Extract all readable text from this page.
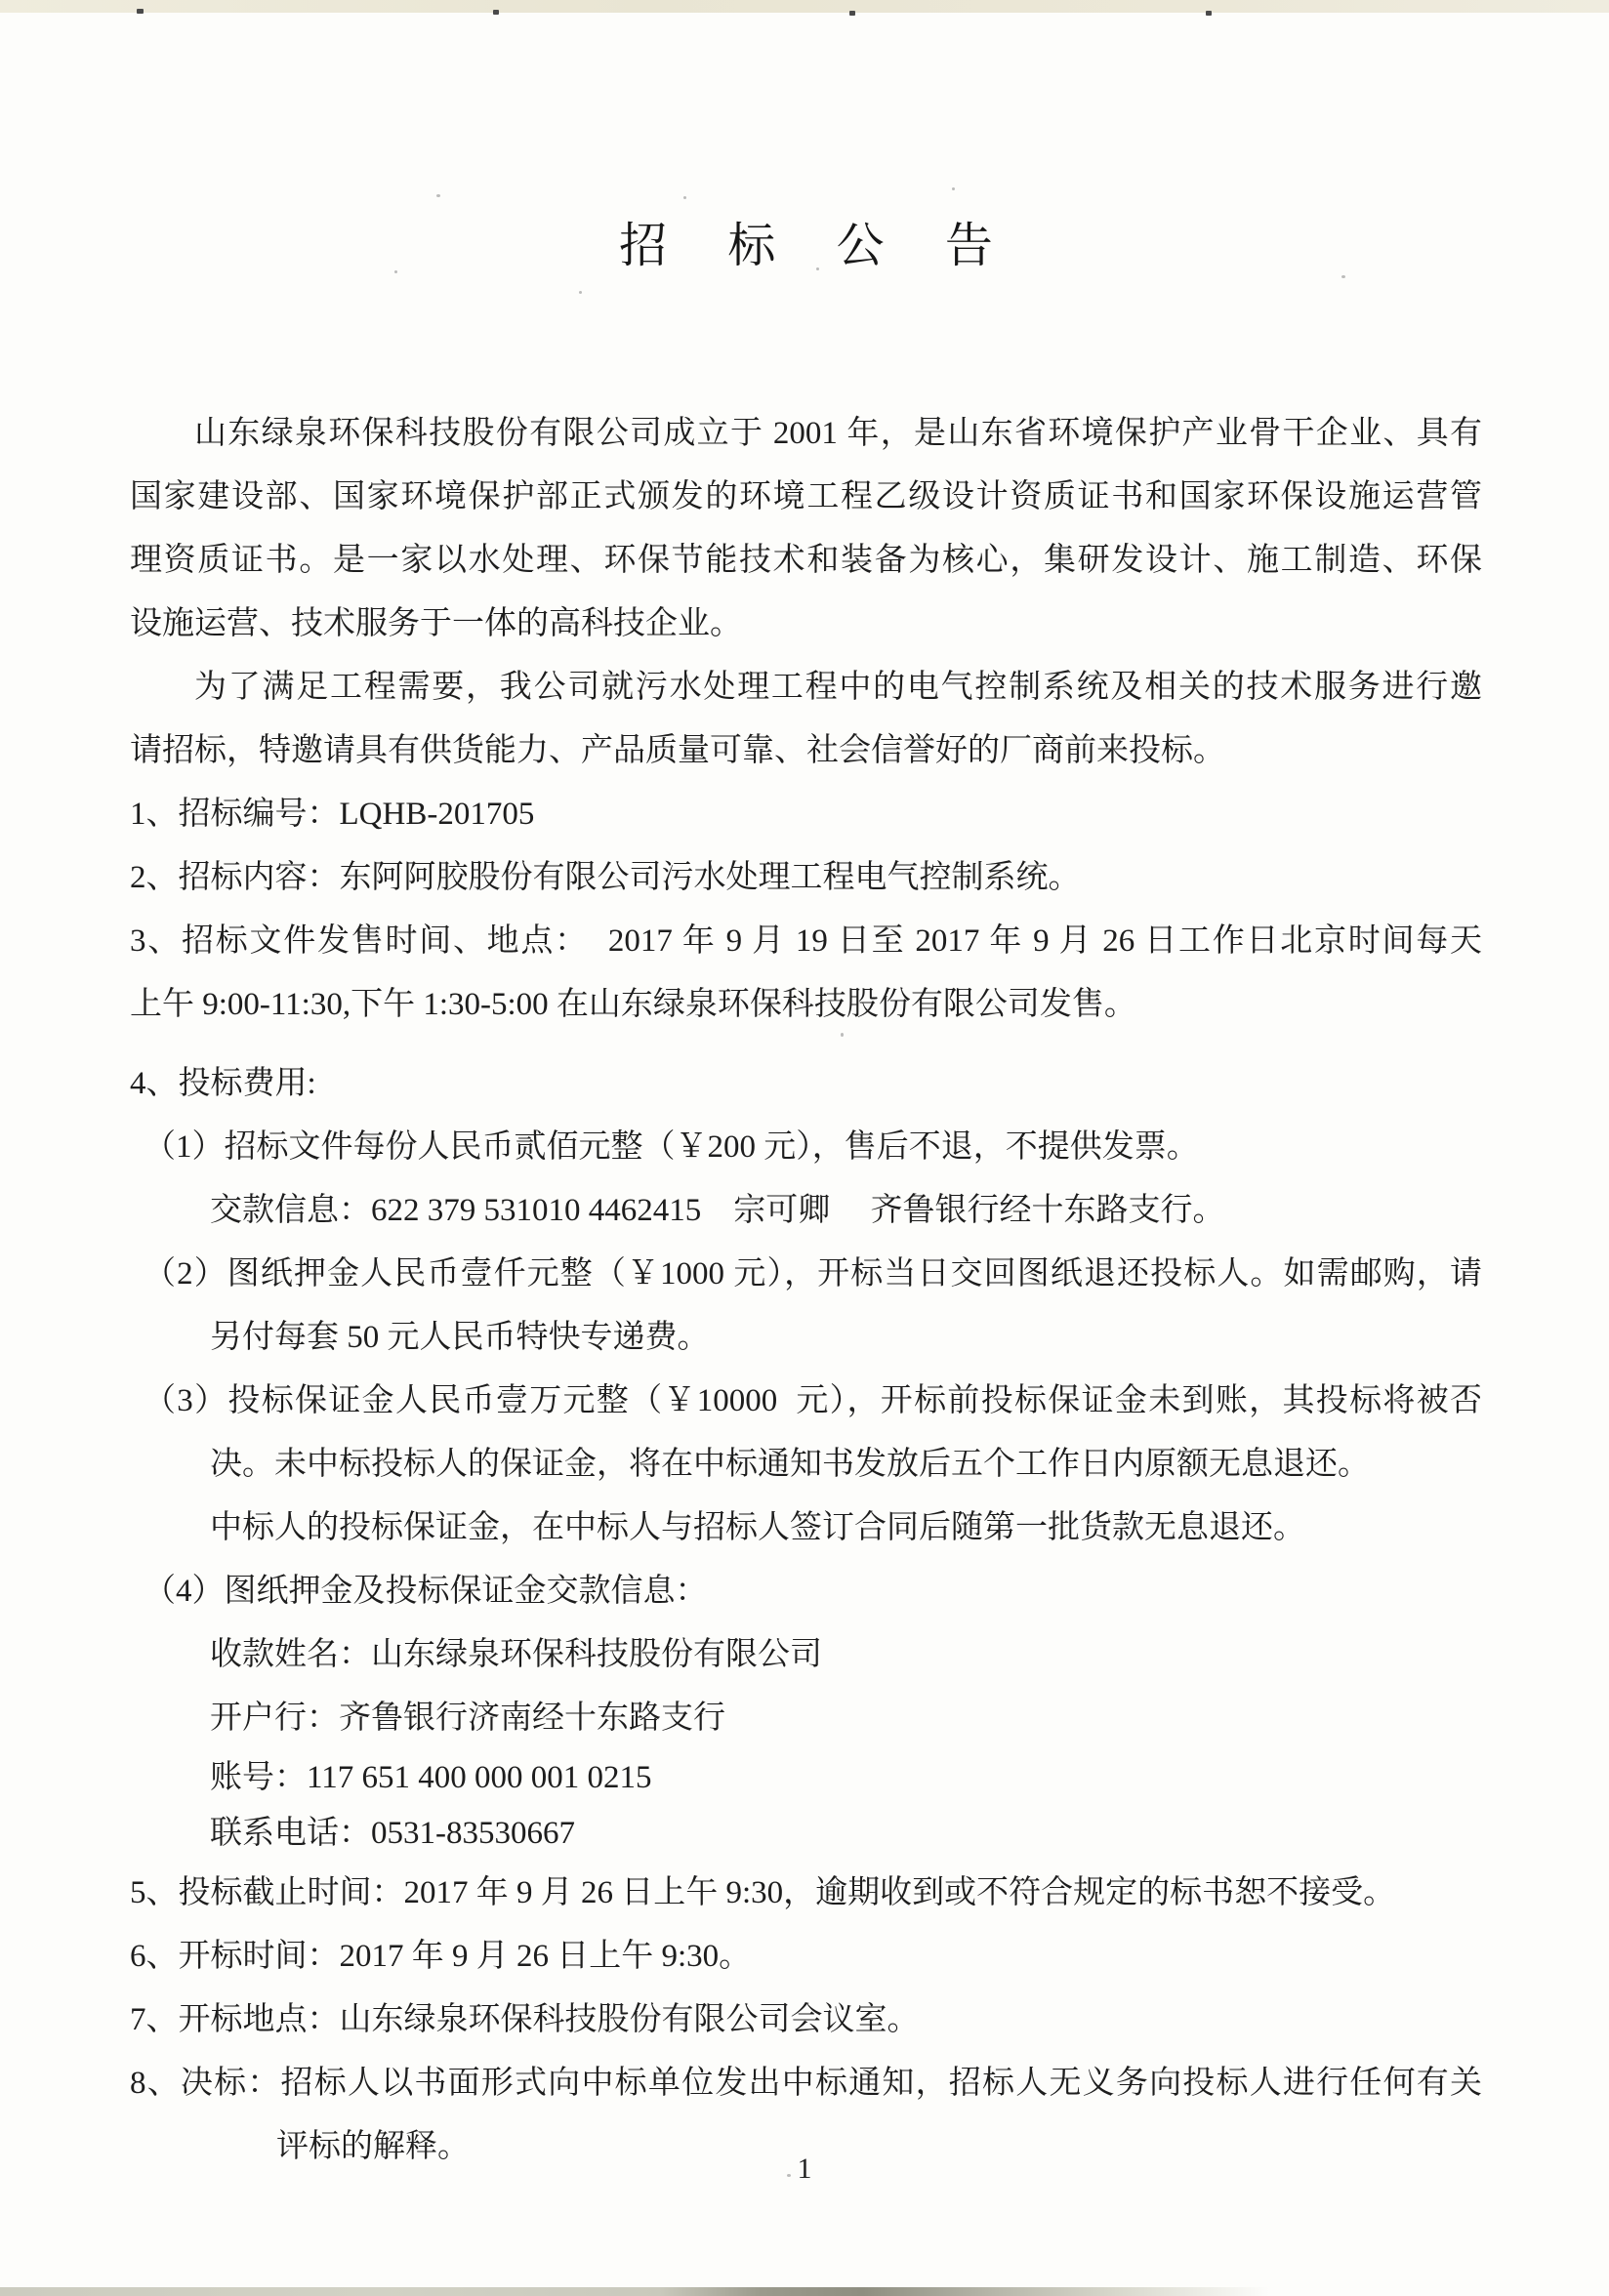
招 标 公 告
山东绿泉环保科技股份有限公司成立于 2001 年，是山东省环境保护产业骨干企业、具有
国家建设部、国家环境保护部正式颁发的环境工程乙级设计资质证书和国家环保设施运营管
理资质证书。是一家以水处理、环保节能技术和装备为核心，集研发设计、施工制造、环保
设施运营、技术服务于一体的高科技企业。
为了满足工程需要，我公司就污水处理工程中的电气控制系统及相关的技术服务进行邀
请招标，特邀请具有供货能力、产品质量可靠、社会信誉好的厂商前来投标。
1、招标编号：LQHB-201705
2、招标内容：东阿阿胶股份有限公司污水处理工程电气控制系统。
3、招标文件发售时间、地点：  2017 年 9 月 19 日至 2017 年 9 月 26 日工作日北京时间每天
上午 9:00-11:30,下午 1:30-5:00 在山东绿泉环保科技股份有限公司发售。
4、投标费用:
（1）招标文件每份人民币贰佰元整（￥200 元），售后不退，不提供发票。
交款信息：622 379 531010 4462415　宗可卿　 齐鲁银行经十东路支行。
（2）图纸押金人民币壹仟元整（￥1000 元），开标当日交回图纸退还投标人。如需邮购，请
另付每套 50 元人民币特快专递费。
（3）投标保证金人民币壹万元整（￥10000  元），开标前投标保证金未到账，其投标将被否
决。未中标投标人的保证金，将在中标通知书发放后五个工作日内原额无息退还。
中标人的投标保证金，在中标人与招标人签订合同后随第一批货款无息退还。
（4）图纸押金及投标保证金交款信息：
收款姓名：山东绿泉环保科技股份有限公司
开户行：齐鲁银行济南经十东路支行
账号：117 651 400 000 001 0215
联系电话：0531-83530667
5、投标截止时间：2017 年 9 月 26 日上午 9:30，逾期收到或不符合规定的标书恕不接受。
6、开标时间：2017 年 9 月 26 日上午 9:30。
7、开标地点：山东绿泉环保科技股份有限公司会议室。
8、决标：招标人以书面形式向中标单位发出中标通知，招标人无义务向投标人进行任何有关
评标的解释。
1
